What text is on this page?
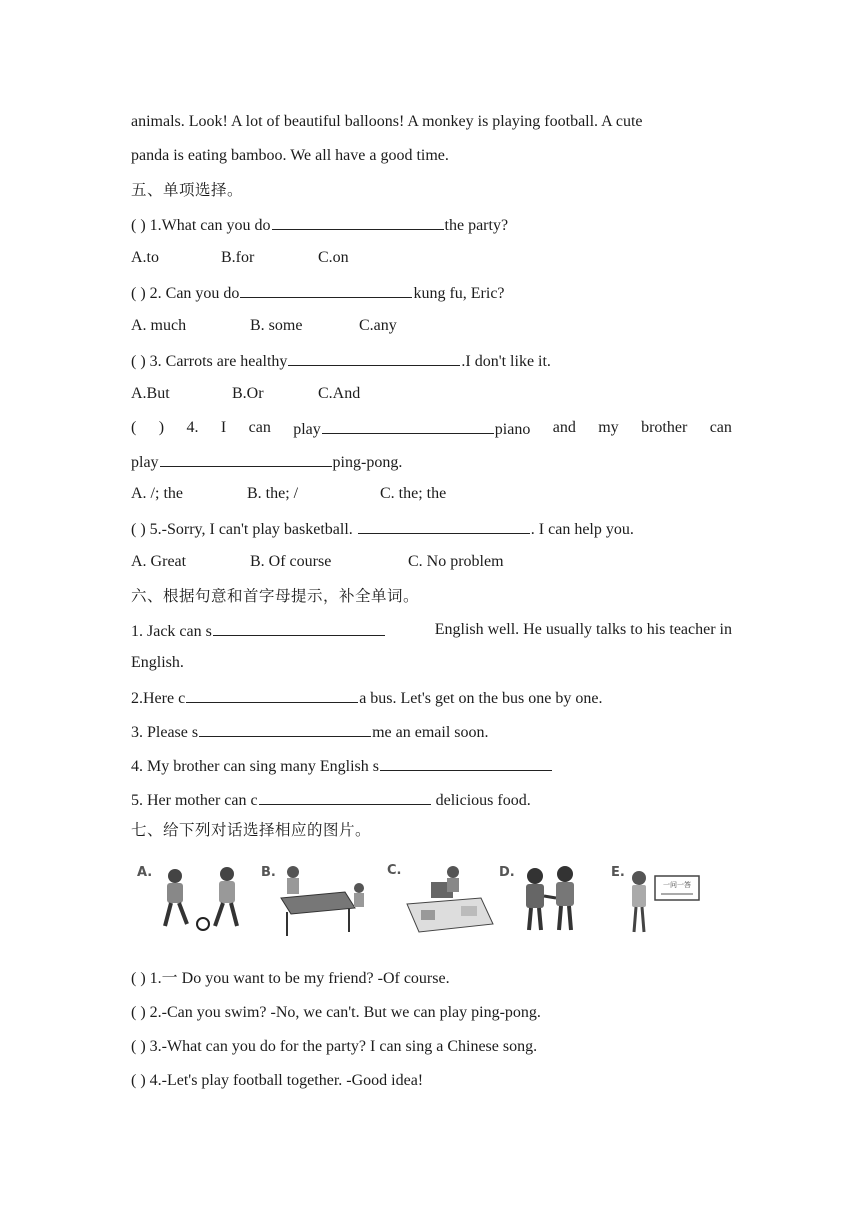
animals. Look! A lot of beautiful balloons! A monkey is playing football. A cute
panda is eating bamboo. We all have a good time.
五、单项选择。
( ) 1.What can you do	the party?
A.to	B.for	C.on
( ) 2. Can you do	kung fu, Eric?
A. much	B. some	C.any
( ) 3. Carrots are healthy	.I don't like it.
A.But	B.Or	C.And
( ) 4. I can play	piano and my brother can
play	ping-pong.
A. /; the	B. the; /	C. the; the
( ) 5.-Sorry, I can't play basketball.	. I can help you.
A. Great	B. Of course	C. No problem
六、根据句意和首字母提示，补全单词。
1. Jack can s	English well. He usually talks to his teacher in
English.
2.Here c	a bus. Let's get on the bus one by one.
3. Please s	me an email soon.
4. My brother can sing many English s
5. Her mother can c	delicious food.
七、给下列对话选择相应的图片。
A.	B.	C.	D.	E.
一问一答
( ) 1.一 Do you want to be my friend? -Of course.
( ) 2.-Can you swim? -No, we can't. But we can play ping-pong.
( ) 3.-What can you do for the party? I can sing a Chinese song.
( ) 4.-Let's play football together. -Good idea!
